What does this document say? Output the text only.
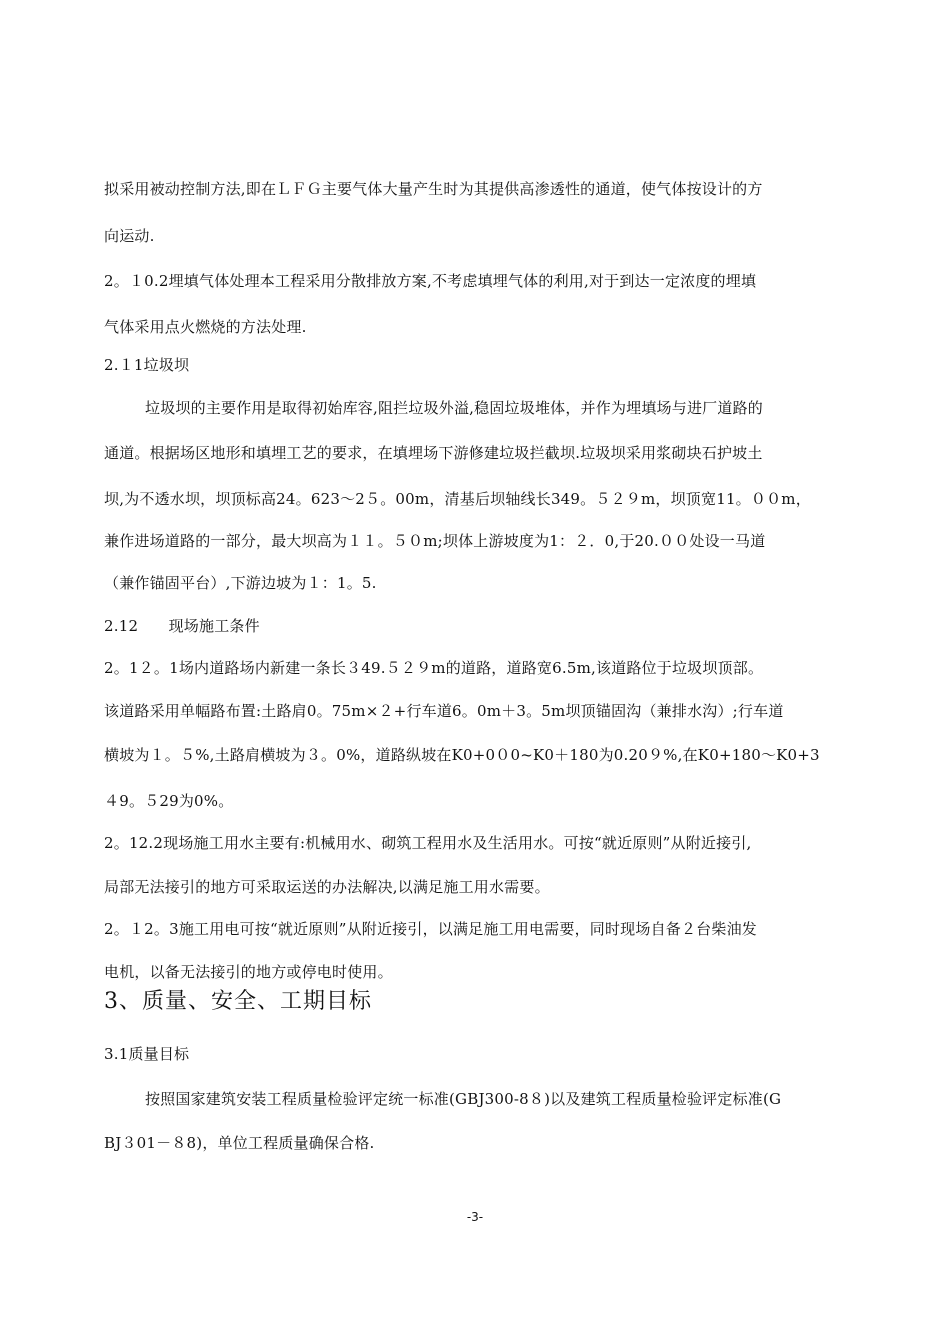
拟采用被动控制方法,即在ＬＦＧ主要气体大量产生时为其提供高渗透性的通道，使气体按设计的方
向运动.
2。１0.2埋填气体处理本工程采用分散排放方案,不考虑填埋气体的利用,对于到达一定浓度的埋填
气体采用点火燃烧的方法处理.
2.１1垃圾坝
垃圾坝的主要作用是取得初始库容,阻拦垃圾外溢,稳固垃圾堆体，并作为埋填场与进厂道路的
通道。根据场区地形和填埋工艺的要求，在填埋场下游修建垃圾拦截坝.垃圾坝采用浆砌块石护坡土
坝,为不透水坝，坝顶标高24。623～2５。00m，清基后坝轴线长349。５２９m，坝顶宽11。００m，
兼作进场道路的一部分，最大坝高为１１。５０m;坝体上游坡度为1：２．0,于20.００处设一马道
（兼作锚固平台）,下游边坡为１：1。5.
2.12　　现场施工条件
2。1２。1场内道路场内新建一条长３49.５２９m的道路，道路宽6.5m,该道路位于垃圾坝顶部。
该道路采用单幅路布置:土路肩0。75m×２+行车道6。0m＋3。5m坝顶锚固沟（兼排水沟）;行车道
横坡为１。５%,土路肩横坡为３。0%，道路纵坡在K0+0０0~K0＋180为0.20９%,在K0+180～K0+3
４9。５29为0%。
2。12.2现场施工用水主要有:机械用水、砌筑工程用水及生活用水。可按“就近原则”从附近接引,
局部无法接引的地方可采取运送的办法解决,以满足施工用水需要。
2。１2。3施工用电可按“就近原则”从附近接引，以满足施工用电需要，同时现场自备２台柴油发
电机，以备无法接引的地方或停电时使用。
3、质量、安全、工期目标
3.1质量目标
按照国家建筑安装工程质量检验评定统一标准(GBJ300-8８)以及建筑工程质量检验评定标准(G
BJ３01－８8)，单位工程质量确保合格.
-3-
